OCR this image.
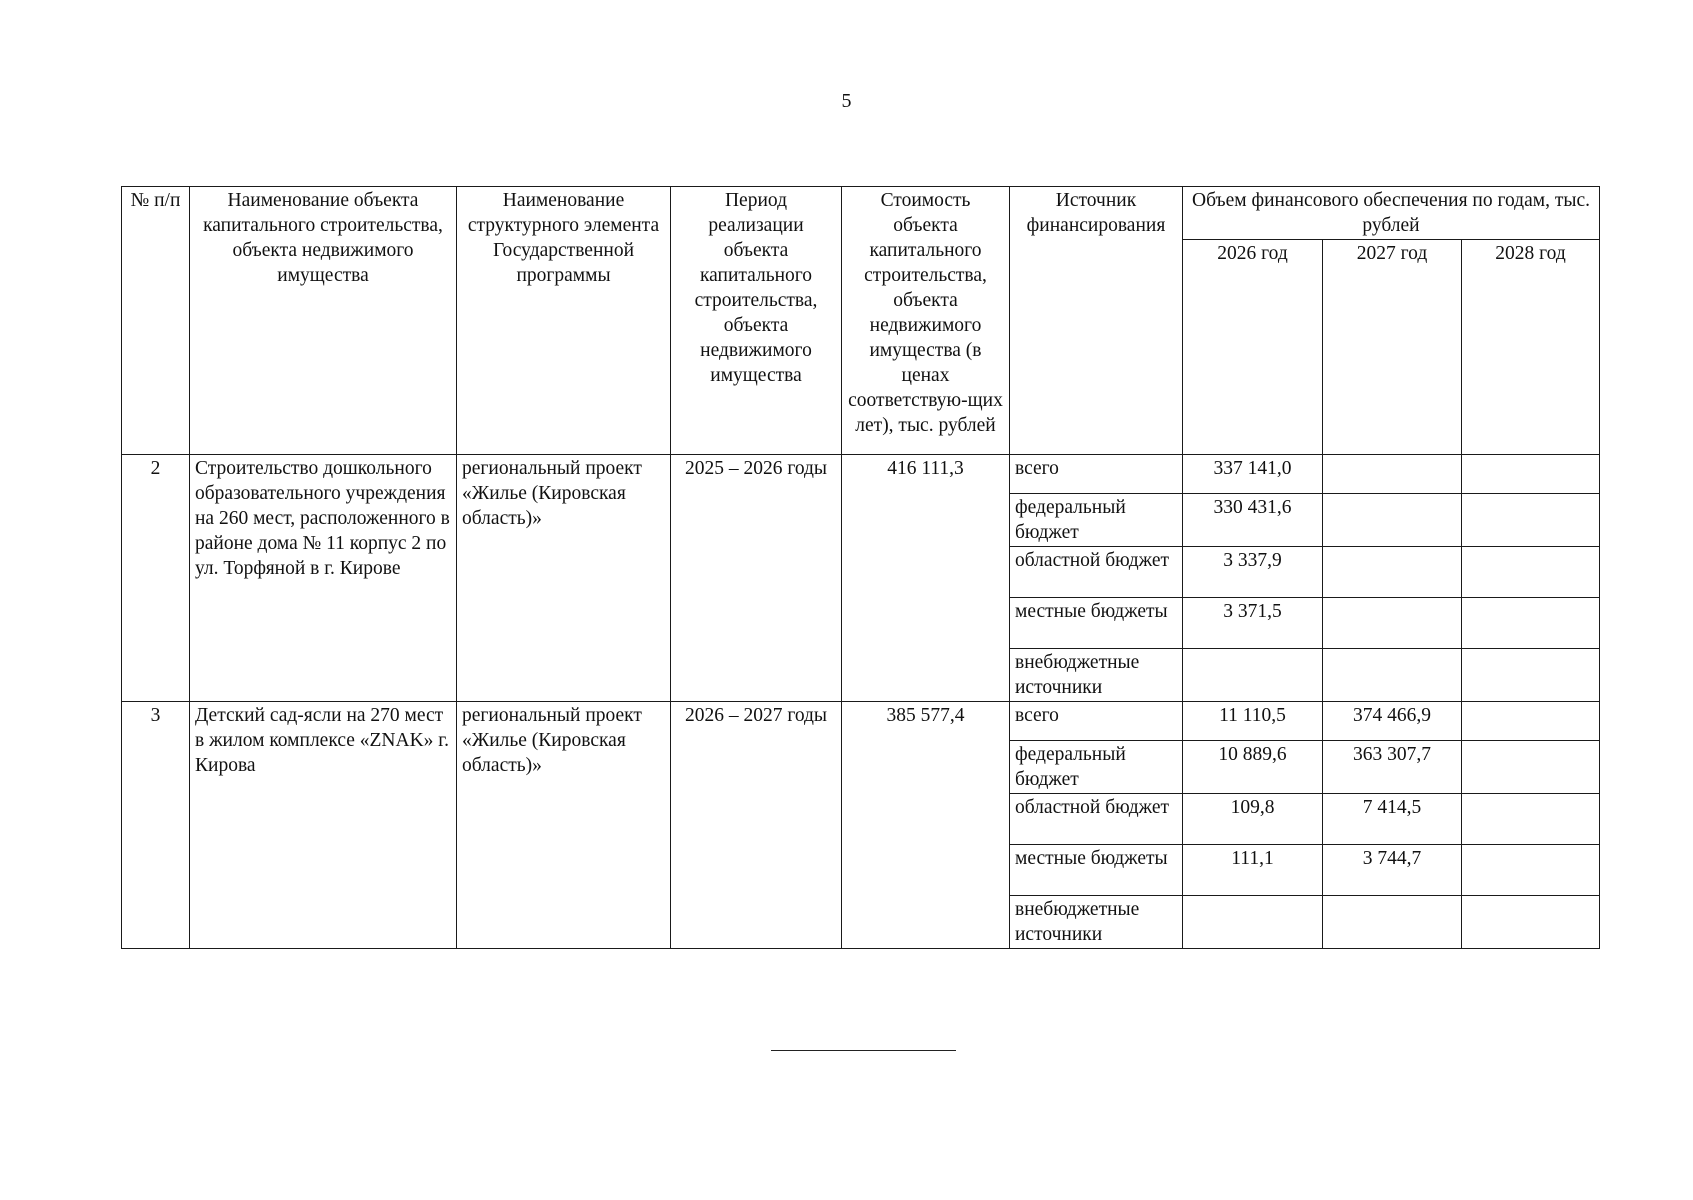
5
№ п/п	Наименование объекта капитального строительства, объекта недвижимого имущества	Наименование структурного элемента Государственной программы	Период реализации объекта капитального строительства, объекта недвижимого имущества	Стоимость объекта капитального строительства, объекта недвижимого имущества (в ценах соответствую-щих лет), тыс. рублей	Источник финансирования	Объем финансового обеспечения по годам, тыс. рублей		
						2026 год	2027 год	2028 год
2	Строительство дошкольного образовательного учреждения на 260 мест, расположенного в районе дома № 11 корпус 2 по ул. Торфяной в г. Кирове	региональный проект «Жилье (Кировская область)»	2025 – 2026 годы	416 111,3	всего	337 141,0		
					федеральный бюджет	330 431,6		
					областной бюджет	3 337,9		
					местные бюджеты	3 371,5		
					внебюджетные источники			
3	Детский сад-ясли на 270 мест в жилом комплексе «ZNAK» г. Кирова	региональный проект «Жилье (Кировская область)»	2026 – 2027 годы	385 577,4	всего	11 110,5	374 466,9	
					федеральный бюджет	10 889,6	363 307,7	
					областной бюджет	109,8	7 414,5	
					местные бюджеты	111,1	3 744,7	
					внебюджетные источники			
